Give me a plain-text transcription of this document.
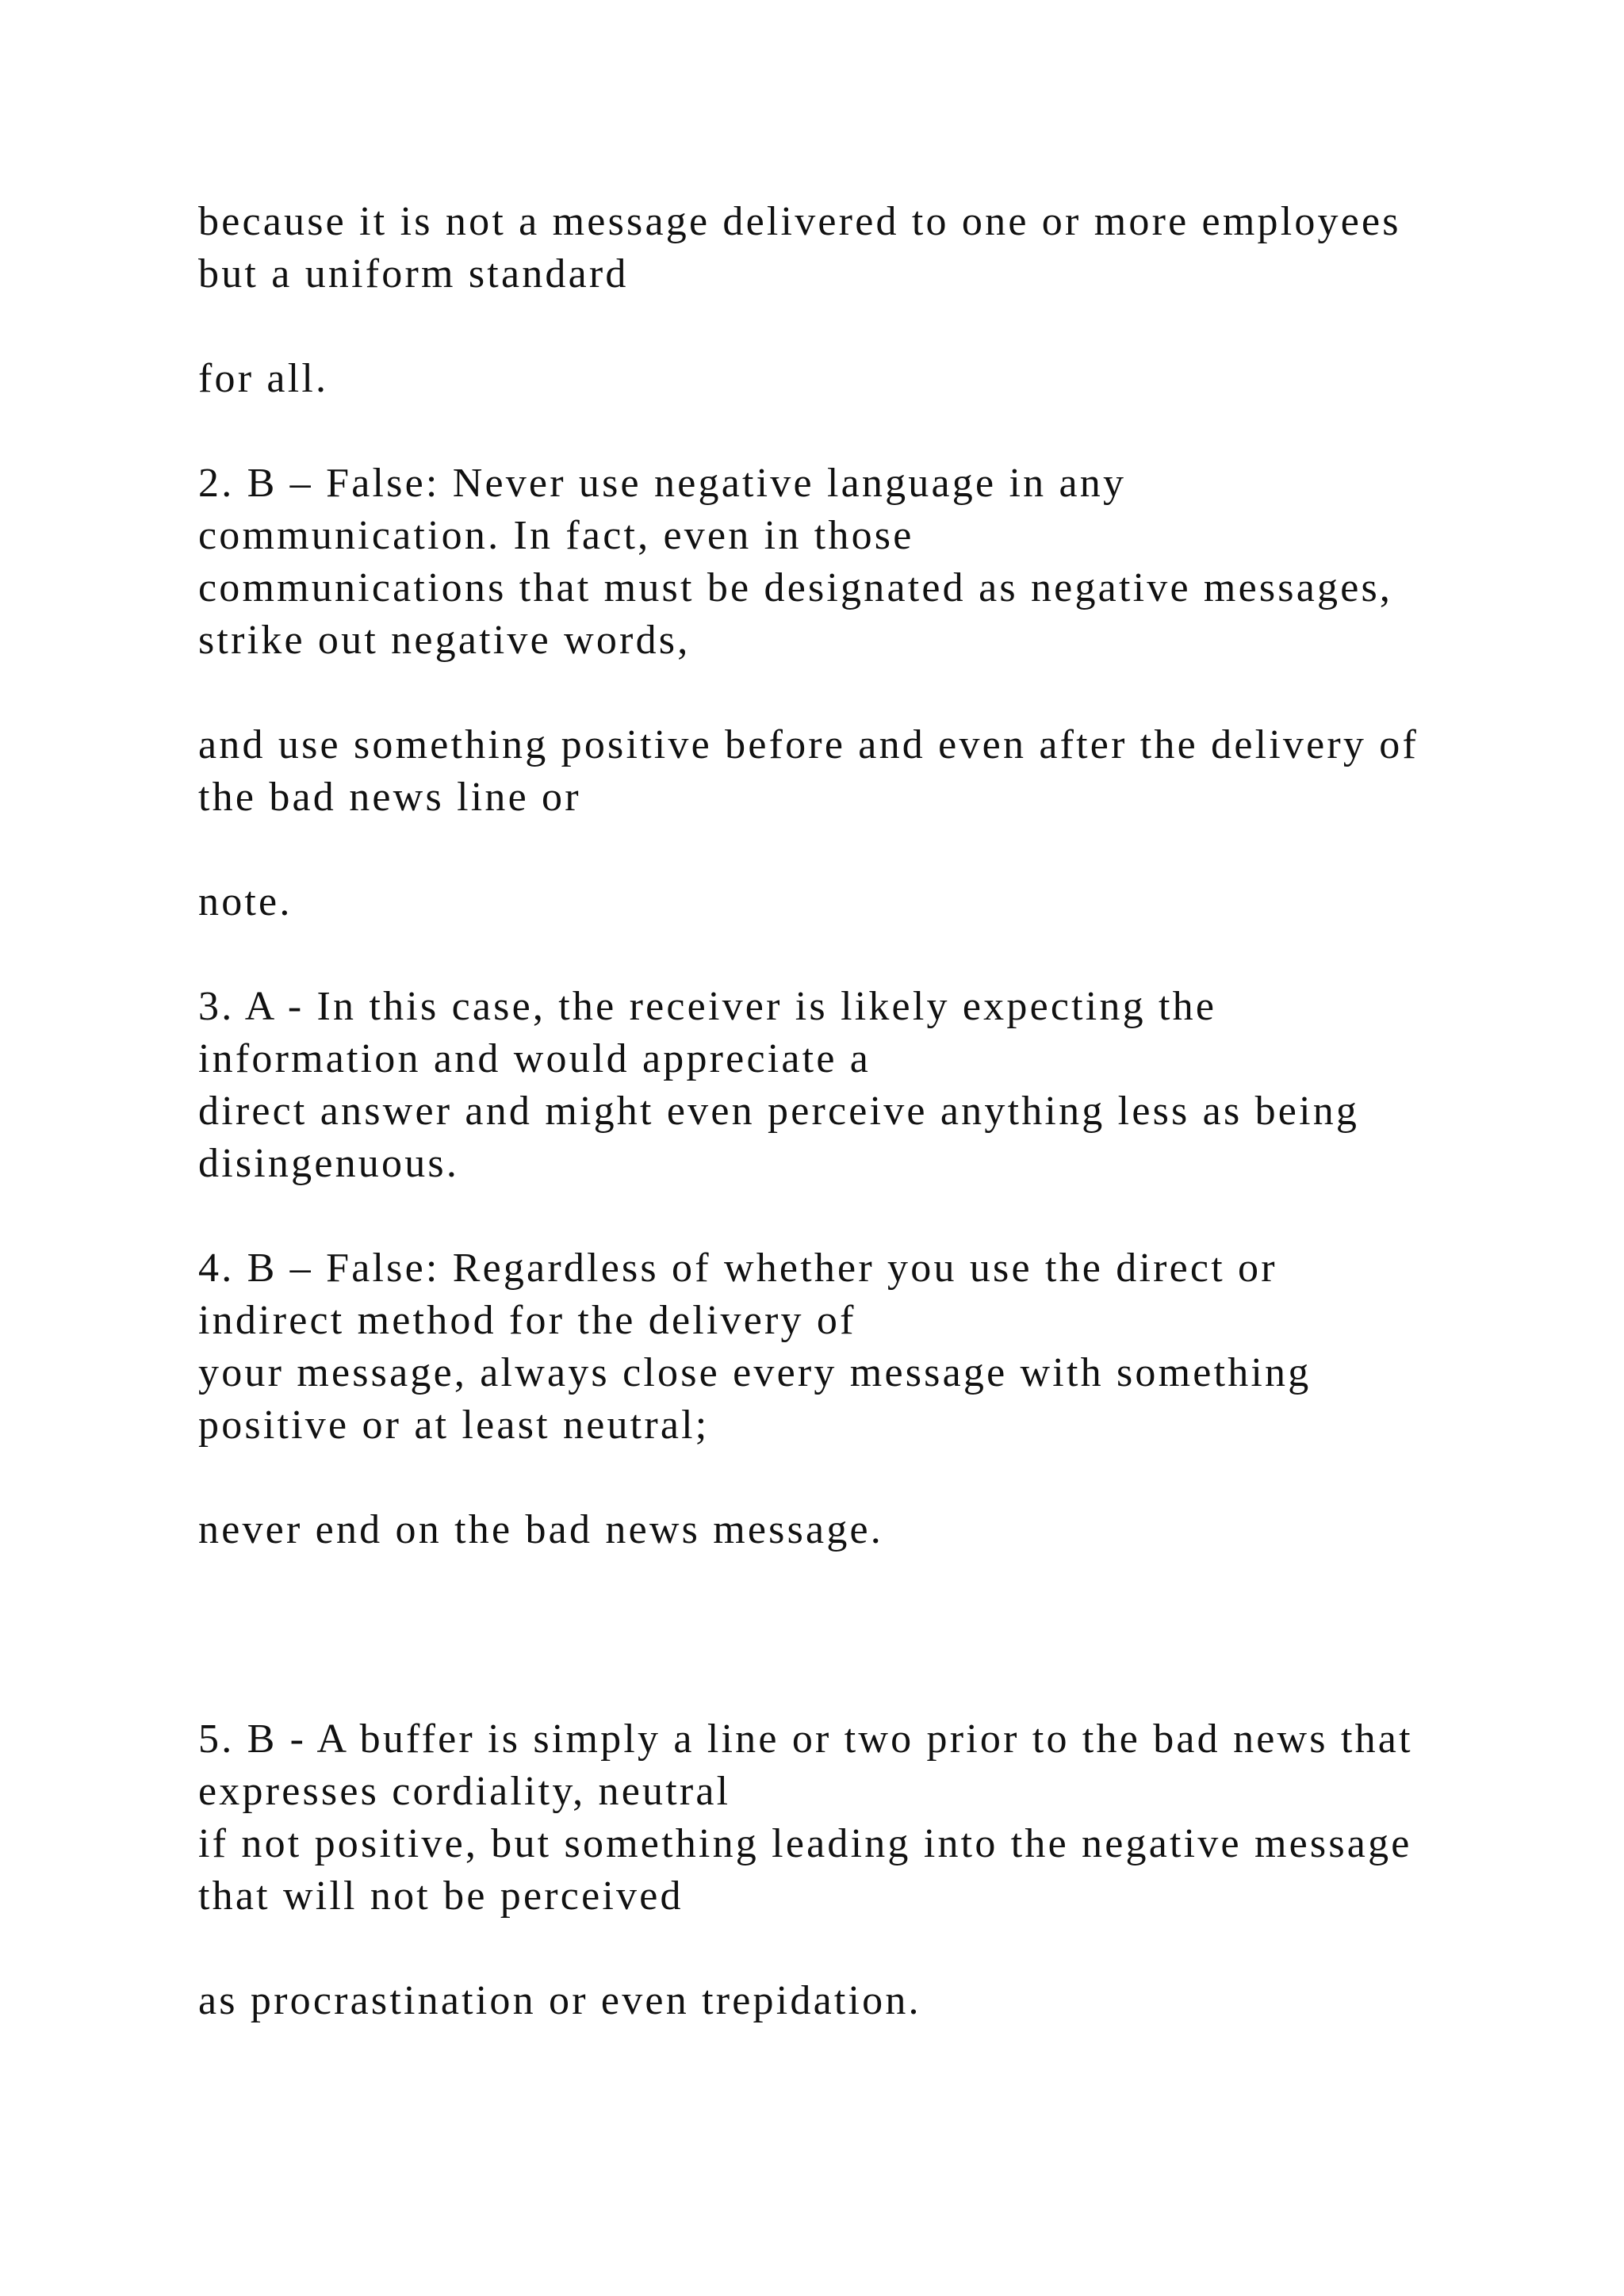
because it is not a message delivered to one or more employees

but a uniform standard

for all.

2. B – False: Never use negative language in any

communication. In fact, even in those

communications that must be designated as negative messages,

strike out negative words,

and use something positive before and even after the delivery of

the bad news line or

note.

3. A - In this case, the receiver is likely expecting the

information and would appreciate a

direct answer and might even perceive anything less as being

disingenuous.

4. B – False: Regardless of whether you use the direct or

indirect method for the delivery of

your message, always close every message with something

positive or at least neutral;

never end on the bad news message.

5. B - A buffer is simply a line or two prior to the bad news that

expresses cordiality, neutral

if not positive, but something leading into the negative message

that will not be perceived

as procrastination or even trepidation.
